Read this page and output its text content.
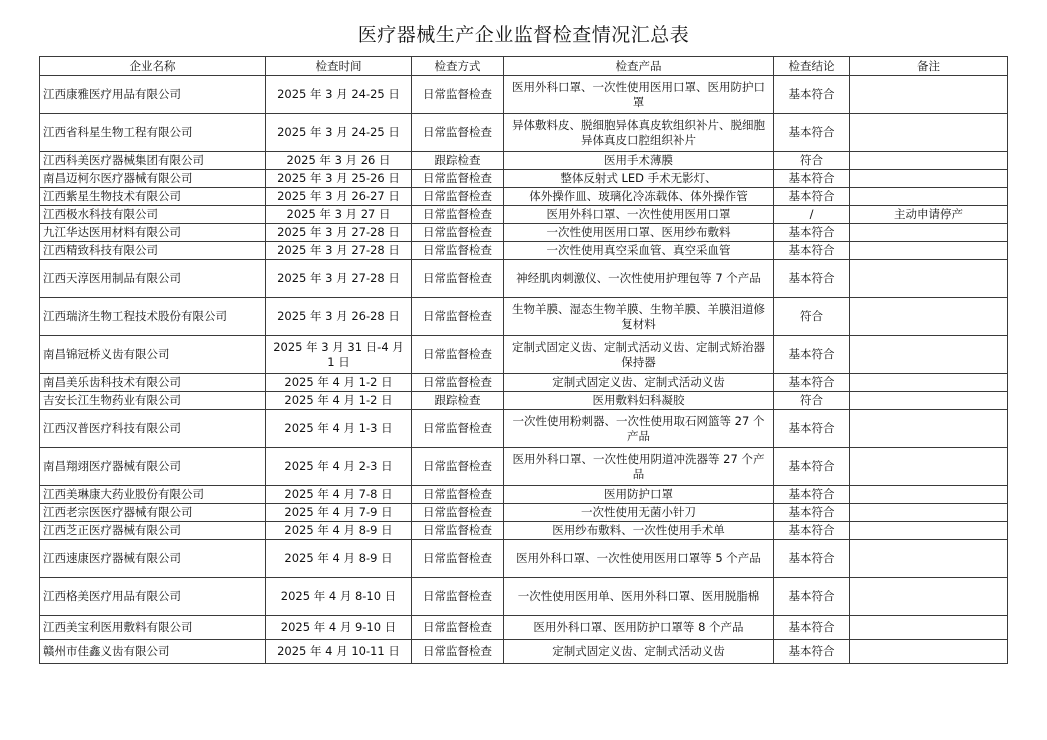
医疗器械生产企业监督检查情况汇总表
企业名称	检查时间	检查方式	检查产品	检查结论	备注
江西康雅医疗用品有限公司	2025 年 3 月 24-25 日	日常监督检查	医用外科口罩、一次性使用医用口罩、医用防护口罩	基本符合	
江西省科星生物工程有限公司	2025 年 3 月 24-25 日	日常监督检查	异体敷料皮、脱细胞异体真皮软组织补片、脱细胞异体真皮口腔组织补片	基本符合	
江西科美医疗器械集团有限公司	2025 年 3 月 26 日	跟踪检查	医用手术薄膜	符合	
南昌迈柯尔医疗器械有限公司	2025 年 3 月 25-26 日	日常监督检查	整体反射式 LED 手术无影灯、	基本符合	
江西紫星生物技术有限公司	2025 年 3 月 26-27 日	日常监督检查	体外操作皿、玻璃化冷冻载体、体外操作管	基本符合	
江西极水科技有限公司	2025 年 3 月 27 日	日常监督检查	医用外科口罩、一次性使用医用口罩	/	主动申请停产
九江华达医用材料有限公司	2025 年 3 月 27-28 日	日常监督检查	一次性使用医用口罩、医用纱布敷料	基本符合	
江西精致科技有限公司	2025 年 3 月 27-28 日	日常监督检查	一次性使用真空采血管、真空采血管	基本符合	
江西天淳医用制品有限公司	2025 年 3 月 27-28 日	日常监督检查	神经肌肉刺激仪、一次性使用护理包等 7 个产品	基本符合	
江西瑞济生物工程技术股份有限公司	2025 年 3 月 26-28 日	日常监督检查	生物羊膜、湿态生物羊膜、生物羊膜、羊膜泪道修复材料	符合	
南昌锦冠桥义齿有限公司	2025 年 3 月 31 日-4 月 1 日	日常监督检查	定制式固定义齿、定制式活动义齿、定制式矫治器保持器	基本符合	
南昌美乐齿科技术有限公司	2025 年 4 月 1-2 日	日常监督检查	定制式固定义齿、定制式活动义齿	基本符合	
吉安长江生物药业有限公司	2025 年 4 月 1-2 日	跟踪检查	医用敷料妇科凝胶	符合	
江西汉普医疗科技有限公司	2025 年 4 月 1-3 日	日常监督检查	一次性使用粉刺器、一次性使用取石网篮等 27 个产品	基本符合	
南昌翔翊医疗器械有限公司	2025 年 4 月 2-3 日	日常监督检查	医用外科口罩、一次性使用阴道冲洗器等 27 个产品	基本符合	
江西美琳康大药业股份有限公司	2025 年 4 月 7-8 日	日常监督检查	医用防护口罩	基本符合	
江西老宗医医疗器械有限公司	2025 年 4 月 7-9 日	日常监督检查	一次性使用无菌小针刀	基本符合	
江西芝正医疗器械有限公司	2025 年 4 月 8-9 日	日常监督检查	医用纱布敷料、一次性使用手术单	基本符合	
江西速康医疗器械有限公司	2025 年 4 月 8-9 日	日常监督检查	医用外科口罩、一次性使用医用口罩等 5 个产品	基本符合	
江西格美医疗用品有限公司	2025 年 4 月 8-10 日	日常监督检查	一次性使用医用单、医用外科口罩、医用脱脂棉	基本符合	
江西美宝利医用敷料有限公司	2025 年 4 月 9-10 日	日常监督检查	医用外科口罩、医用防护口罩等 8 个产品	基本符合	
赣州市佳鑫义齿有限公司	2025 年 4 月 10-11 日	日常监督检查	定制式固定义齿、定制式活动义齿	基本符合	
